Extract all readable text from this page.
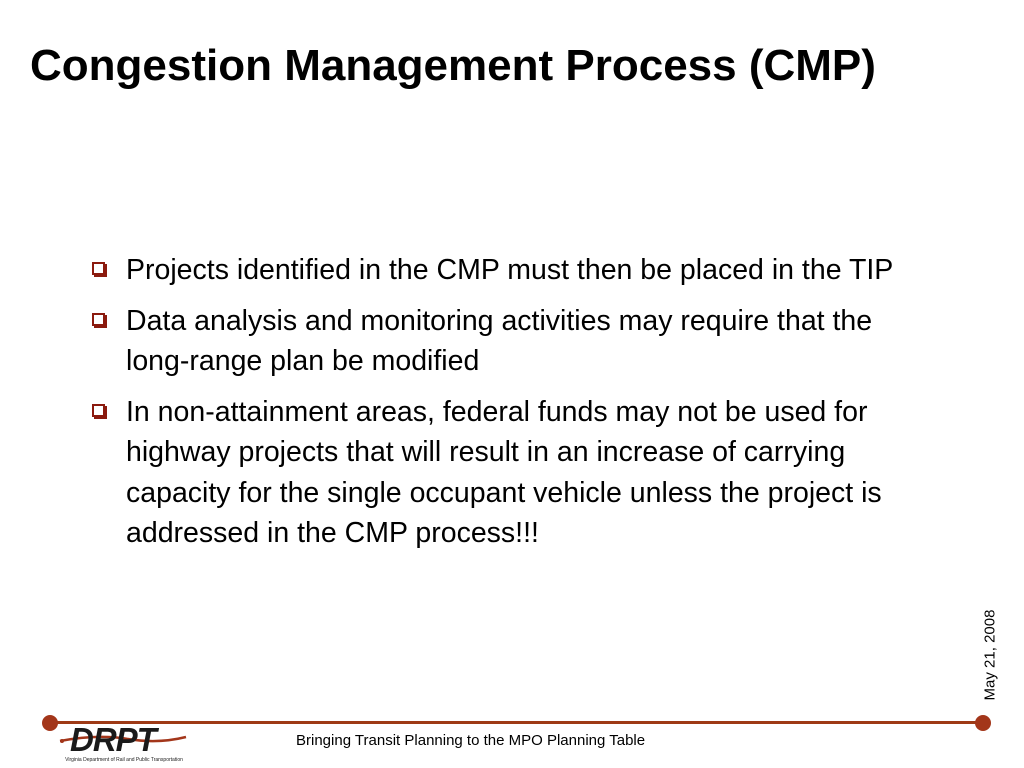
Congestion Management Process (CMP)
Projects identified in the CMP must then be placed in the TIP
Data analysis and monitoring activities may require that the long-range plan be modified
In non-attainment areas, federal funds may not be used for highway projects that will result in an increase of carrying capacity for the single occupant vehicle unless the project is addressed in the CMP process!!!
May 21, 2008
DRPT
Virginia Department of Rail and Public Transportation
Bringing Transit Planning to the MPO Planning Table
